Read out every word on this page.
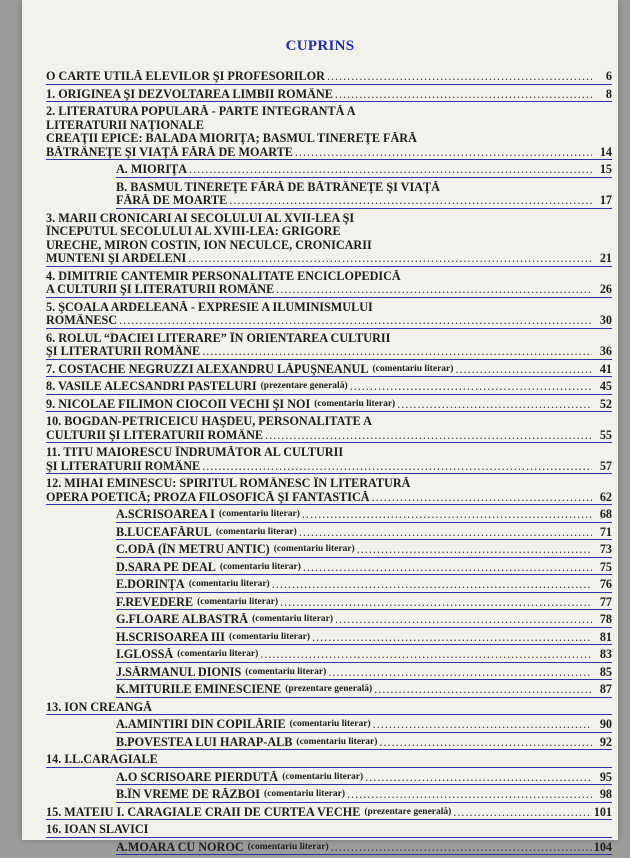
CUPRINS
O CARTE UTILĂ ELEVILOR ŞI PROFESORILOR .....	6
1. ORIGINEA ŞI DEZVOLTAREA LIMBII ROMÂNE .....	8
2. LITERATURA POPULARĂ - PARTE INTEGRANTĂ A
LITERATURII NAŢIONALE
CREAŢII EPICE: BALADA MIORIŢA; BASMUL TINEREŢE FĂRĂ
BĂTRÂNEŢE ŞI VIAŢĂ FĂRĂ DE MOARTE .....	14
A. MIORIŢA .....	15
B. BASMUL TINEREŢE FĂRĂ DE BĂTRÂNEŢE ŞI VIAŢĂ
FĂRĂ DE MOARTE .....	17
3. MARII CRONICARI AI SECOLULUI AL XVII-LEA ŞI
ÎNCEPUTUL SECOLULUI AL XVIII-LEA: GRIGORE
URECHE, MIRON COSTIN, ION NECULCE, CRONICARII
MUNTENI ŞI ARDELENI .....	21
4. DIMITRIE CANTEMIR PERSONALITATE ENCICLOPEDICĂ
A CULTURII ŞI LITERATURII ROMÂNE .....	26
5. ŞCOALA ARDELEANĂ - EXPRESIE A ILUMINISMULUI
ROMÂNESC .....	30
6. ROLUL “DACIEI LITERARE” ÎN ORIENTAREA CULTURII
ŞI LITERATURII ROMÂNE .....	36
7. COSTACHE NEGRUZZI ALEXANDRU LĂPUŞNEANUL (comentariu literar) .....	41
8. VASILE ALECSANDRI PASTELURI (prezentare generală) .....	45
9. NICOLAE FILIMON CIOCOII VECHI ŞI NOI (comentariu literar) .....	52
10. BOGDAN-PETRICEICU HAŞDEU, PERSONALITATE A
CULTURII ŞI LITERATURII ROMÂNE .....	55
11. TITU MAIORESCU ÎNDRUMĂTOR AL CULTURII
ŞI LITERATURII ROMÂNE .....	57
12. MIHAI EMINESCU: SPIRITUL ROMÂNESC ÎN LITERATURĂ
OPERA POETICĂ; PROZA FILOSOFICĂ ŞI FANTASTICĂ .....	62
A.SCRISOAREA I (comentariu literar) .....	68
B.LUCEAFĂRUL (comentariu literar) .....	71
C.ODĂ (ÎN METRU ANTIC) (comentariu literar) .....	73
D.SARA PE DEAL (comentariu literar) .....	75
E.DORINŢA (comentariu literar) .....	76
F.REVEDERE (comentariu literar) .....	77
G.FLOARE ALBASTRĂ (comentariu literar) .....	78
H.SCRISOAREA III (comentariu literar) .....	81
I.GLOSSĂ (comentariu literar) .....	83
J.SĂRMANUL DIONIS (comentariu literar) .....	85
K.MITURILE EMINESCIENE (prezentare generală) .....	87
13. ION CREANGĂ
A.AMINTIRI DIN COPILĂRIE (comentariu literar) .....	90
B.POVESTEA LUI HARAP-ALB (comentariu literar) .....	92
14. I.L.CARAGIALE
A.O SCRISOARE PIERDUTĂ (comentariu literar) .....	95
B.ÎN VREME DE RĂZBOI (comentariu literar) .....	98
15. MATEIU I. CARAGIALE CRAII DE CURTEA VECHE (prezentare generală) .....	101
16. IOAN SLAVICI
A.MOARA CU NOROC (comentariu literar) .....	104
